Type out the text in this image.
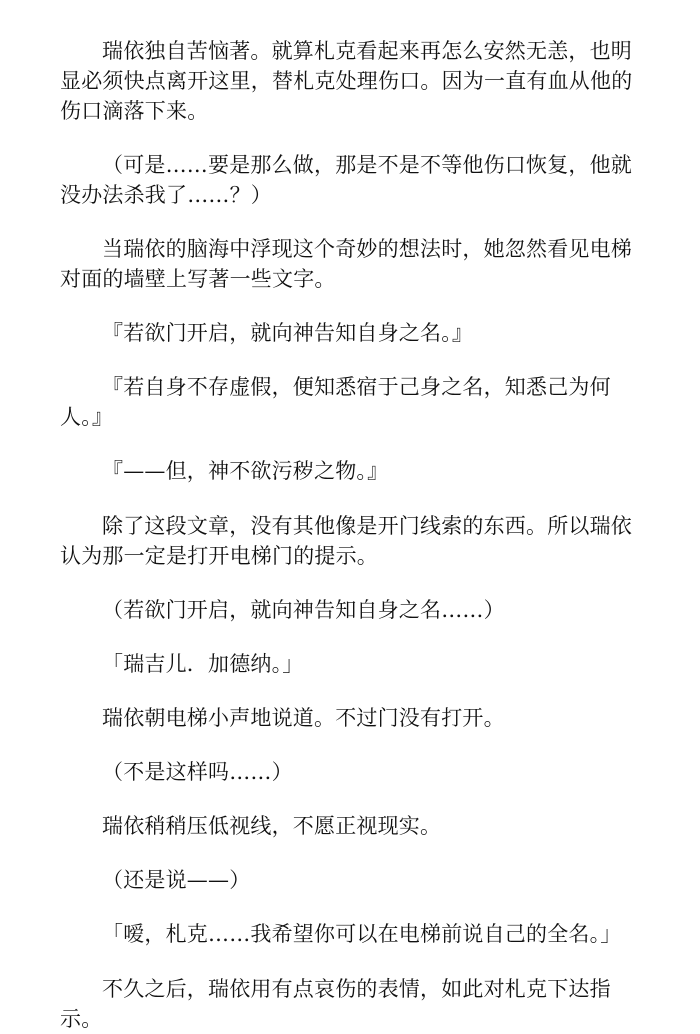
瑞依独自苦恼著。就算札克看起来再怎么安然无恙，也明显必须快点离开这里，替札克处理伤口。因为一直有血从他的伤口滴落下来。

（可是……要是那么做，那是不是不等他伤口恢复，他就没办法杀我了……？）

当瑞依的脑海中浮现这个奇妙的想法时，她忽然看见电梯对面的墙壁上写著一些文字。

『若欲门开启，就向神告知自身之名。』

『若自身不存虚假，便知悉宿于己身之名，知悉己为何人。』

『——但，神不欲污秽之物。』

除了这段文章，没有其他像是开门线索的东西。所以瑞依认为那一定是打开电梯门的提示。

（若欲门开启，就向神告知自身之名……）

「瑞吉儿．加德纳。」

瑞依朝电梯小声地说道。不过门没有打开。

（不是这样吗……）

瑞依稍稍压低视线，不愿正视现实。

（还是说——）

「嗳，札克……我希望你可以在电梯前说自己的全名。」

不久之后，瑞依用有点哀伤的表情，如此对札克下达指示。
